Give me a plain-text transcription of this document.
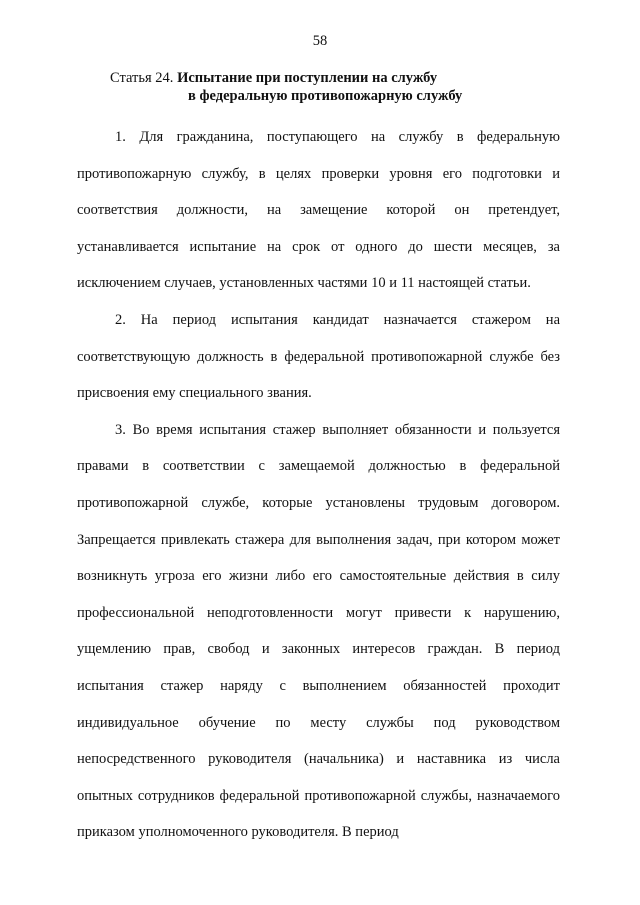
58
Статья 24. Испытание при поступлении на службу
в федеральную противопожарную службу

1. Для гражданина, поступающего на службу в федеральную противопожарную службу, в целях проверки уровня его подготовки и соответствия должности, на замещение которой он претендует, устанавливается испытание на срок от одного до шести месяцев, за исключением случаев, установленных частями 10 и 11 настоящей статьи.

2. На период испытания кандидат назначается стажером на соответствующую должность в федеральной противопожарной службе без присвоения ему специального звания.

3. Во время испытания стажер выполняет обязанности и пользуется правами в соответствии с замещаемой должностью в федеральной противопожарной службе, которые установлены трудовым договором. Запрещается привлекать стажера для выполнения задач, при котором может возникнуть угроза его жизни либо его самостоятельные действия в силу профессиональной неподготовленности могут привести к нарушению, ущемлению прав, свобод и законных интересов граждан. В период испытания стажер наряду с выполнением обязанностей проходит индивидуальное обучение по месту службы под руководством непосредственного руководителя (начальника) и наставника из числа опытных сотрудников федеральной противопожарной службы, назначаемого приказом уполномоченного руководителя. В период
